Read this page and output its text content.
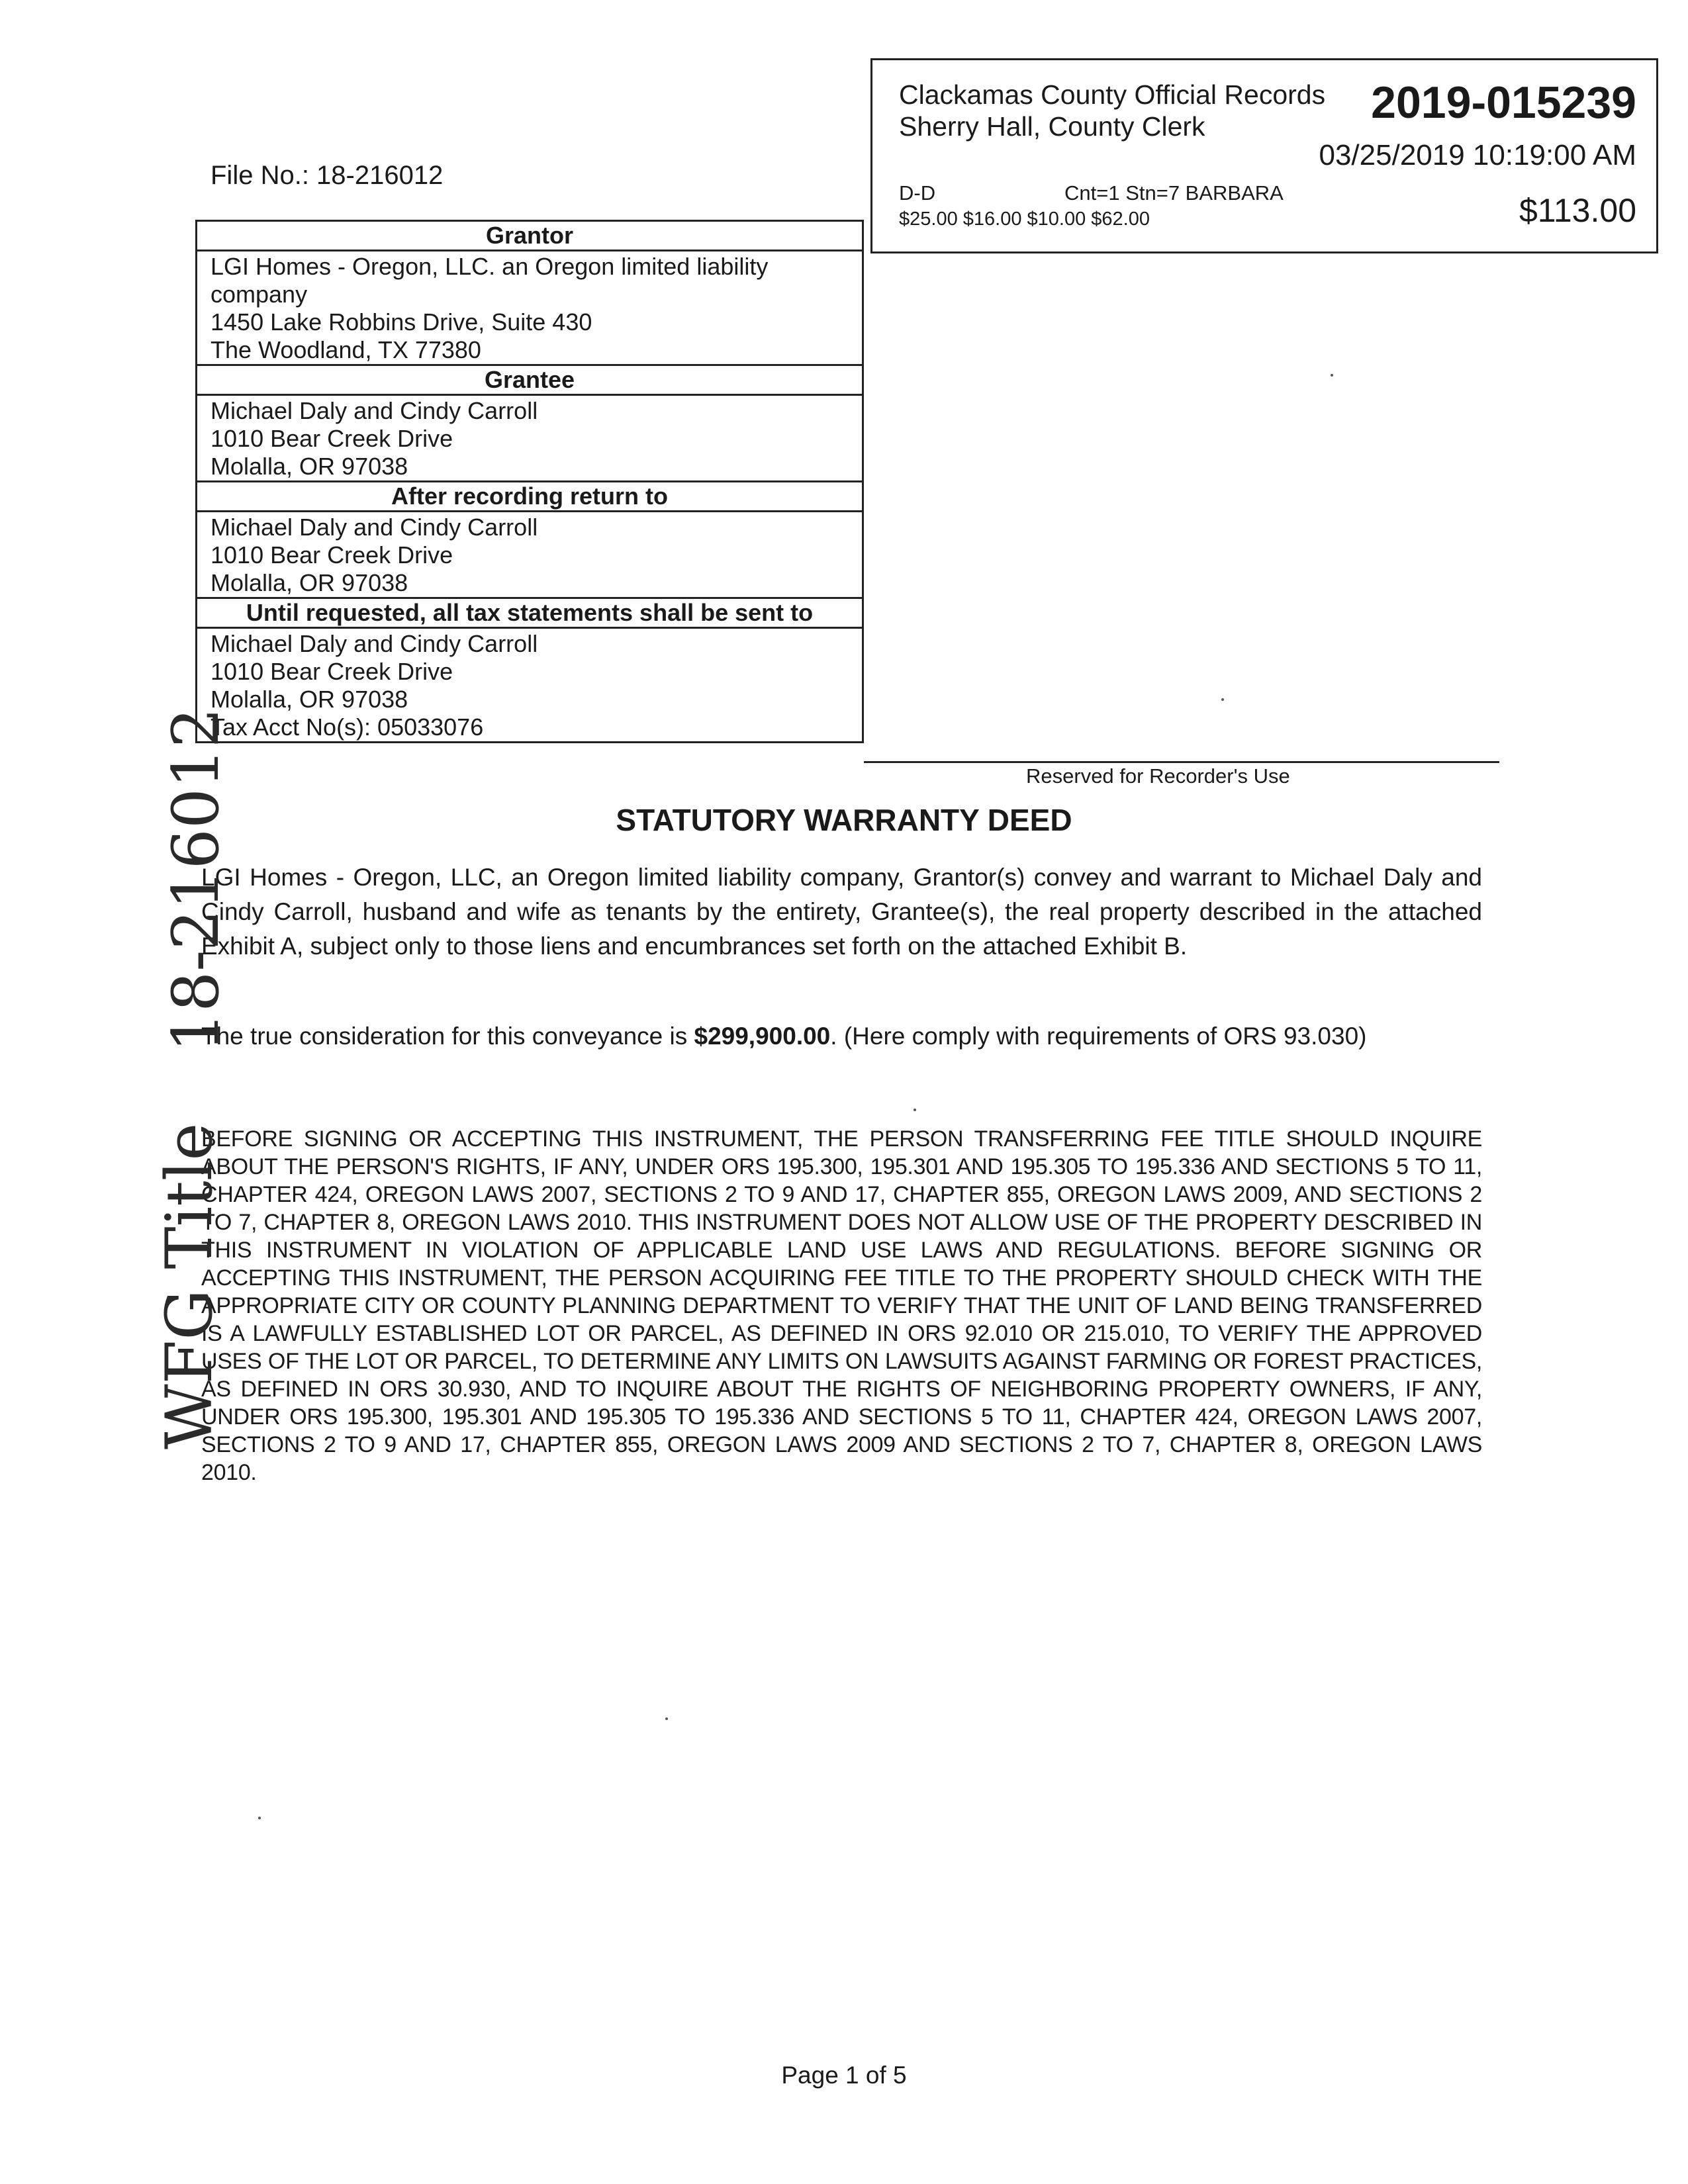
Clackamas County Official Records
Sherry Hall, County Clerk	2019-015239
03/25/2019 10:19:00 AM
D-D	Cnt=1 Stn=7 BARBARA
$25.00 $16.00 $10.00 $62.00	$113.00
File No.: 18-216012
Grantor
LGI Homes - Oregon, LLC. an Oregon limited liability
company
1450 Lake Robbins Drive, Suite 430
The Woodland, TX 77380
Grantee
Michael Daly and Cindy Carroll
1010 Bear Creek Drive
Molalla, OR 97038
After recording return to
Michael Daly and Cindy Carroll
1010 Bear Creek Drive
Molalla, OR 97038
Until requested, all tax statements shall be sent to
Michael Daly and Cindy Carroll
1010 Bear Creek Drive
Molalla, OR 97038
Tax Acct No(s): 05033076
Reserved for Recorder's Use
STATUTORY WARRANTY DEED
LGI Homes - Oregon, LLC, an Oregon limited liability company, Grantor(s) convey and warrant to Michael Daly and Cindy Carroll, husband and wife as tenants by the entirety, Grantee(s), the real property described in the attached Exhibit A, subject only to those liens and encumbrances set forth on the attached Exhibit B.
The true consideration for this conveyance is $299,900.00. (Here comply with requirements of ORS 93.030)
BEFORE SIGNING OR ACCEPTING THIS INSTRUMENT, THE PERSON TRANSFERRING FEE TITLE SHOULD INQUIRE ABOUT THE PERSON'S RIGHTS, IF ANY, UNDER ORS 195.300, 195.301 AND 195.305 TO 195.336 AND SECTIONS 5 TO 11, CHAPTER 424, OREGON LAWS 2007, SECTIONS 2 TO 9 AND 17, CHAPTER 855, OREGON LAWS 2009, AND SECTIONS 2 TO 7, CHAPTER 8, OREGON LAWS 2010. THIS INSTRUMENT DOES NOT ALLOW USE OF THE PROPERTY DESCRIBED IN THIS INSTRUMENT IN VIOLATION OF APPLICABLE LAND USE LAWS AND REGULATIONS. BEFORE SIGNING OR ACCEPTING THIS INSTRUMENT, THE PERSON ACQUIRING FEE TITLE TO THE PROPERTY SHOULD CHECK WITH THE APPROPRIATE CITY OR COUNTY PLANNING DEPARTMENT TO VERIFY THAT THE UNIT OF LAND BEING TRANSFERRED IS A LAWFULLY ESTABLISHED LOT OR PARCEL, AS DEFINED IN ORS 92.010 OR 215.010, TO VERIFY THE APPROVED USES OF THE LOT OR PARCEL, TO DETERMINE ANY LIMITS ON LAWSUITS AGAINST FARMING OR FOREST PRACTICES, AS DEFINED IN ORS 30.930, AND TO INQUIRE ABOUT THE RIGHTS OF NEIGHBORING PROPERTY OWNERS, IF ANY, UNDER ORS 195.300, 195.301 AND 195.305 TO 195.336 AND SECTIONS 5 TO 11, CHAPTER 424, OREGON LAWS 2007, SECTIONS 2 TO 9 AND 17, CHAPTER 855, OREGON LAWS 2009 AND SECTIONS 2 TO 7, CHAPTER 8, OREGON LAWS 2010.
Page 1 of 5
18-216012
WFG Title
